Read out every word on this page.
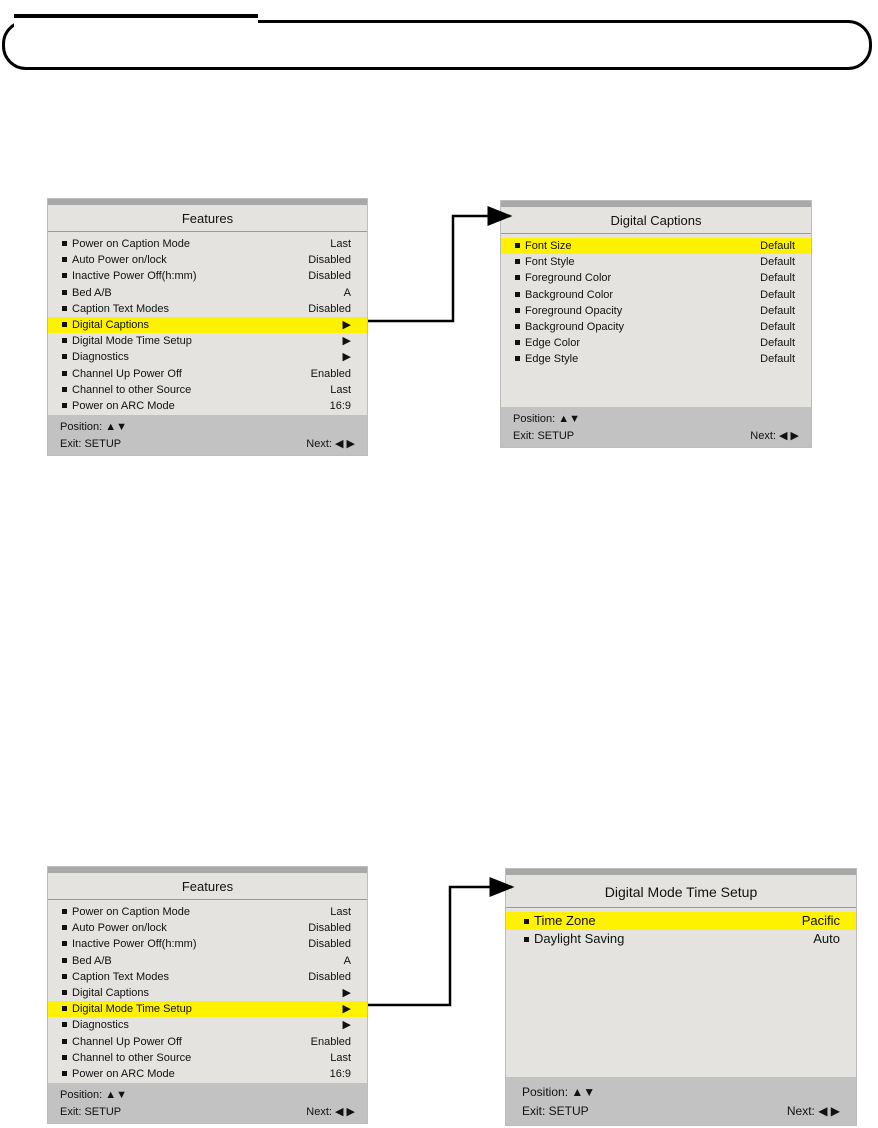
Features
Power on Caption Mode	Last
Auto Power on/lock	Disabled
Inactive Power Off(h:mm)	Disabled
Bed A/B	A
Caption Text Modes	Disabled
Digital Captions	▶
Digital Mode Time Setup	▶
Diagnostics	▶
Channel Up Power Off	Enabled
Channel to other Source	Last
Power on ARC Mode	16:9
Position: ▲▼
Exit: SETUP	Next: ◀ ▶
Digital Captions
Font Size	Default
Font Style	Default
Foreground Color	Default
Background Color	Default
Foreground Opacity	Default
Background Opacity	Default
Edge Color	Default
Edge Style	Default
Position: ▲▼
Exit: SETUP	Next: ◀ ▶
Features
Power on Caption Mode	Last
Auto Power on/lock	Disabled
Inactive Power Off(h:mm)	Disabled
Bed A/B	A
Caption Text Modes	Disabled
Digital Captions	▶
Digital Mode Time Setup	▶
Diagnostics	▶
Channel Up Power Off	Enabled
Channel to other Source	Last
Power on ARC Mode	16:9
Position: ▲▼
Exit: SETUP	Next: ◀ ▶
Digital Mode Time Setup
Time Zone	Pacific
Daylight Saving	Auto
Position: ▲▼
Exit: SETUP	Next: ◀ ▶
